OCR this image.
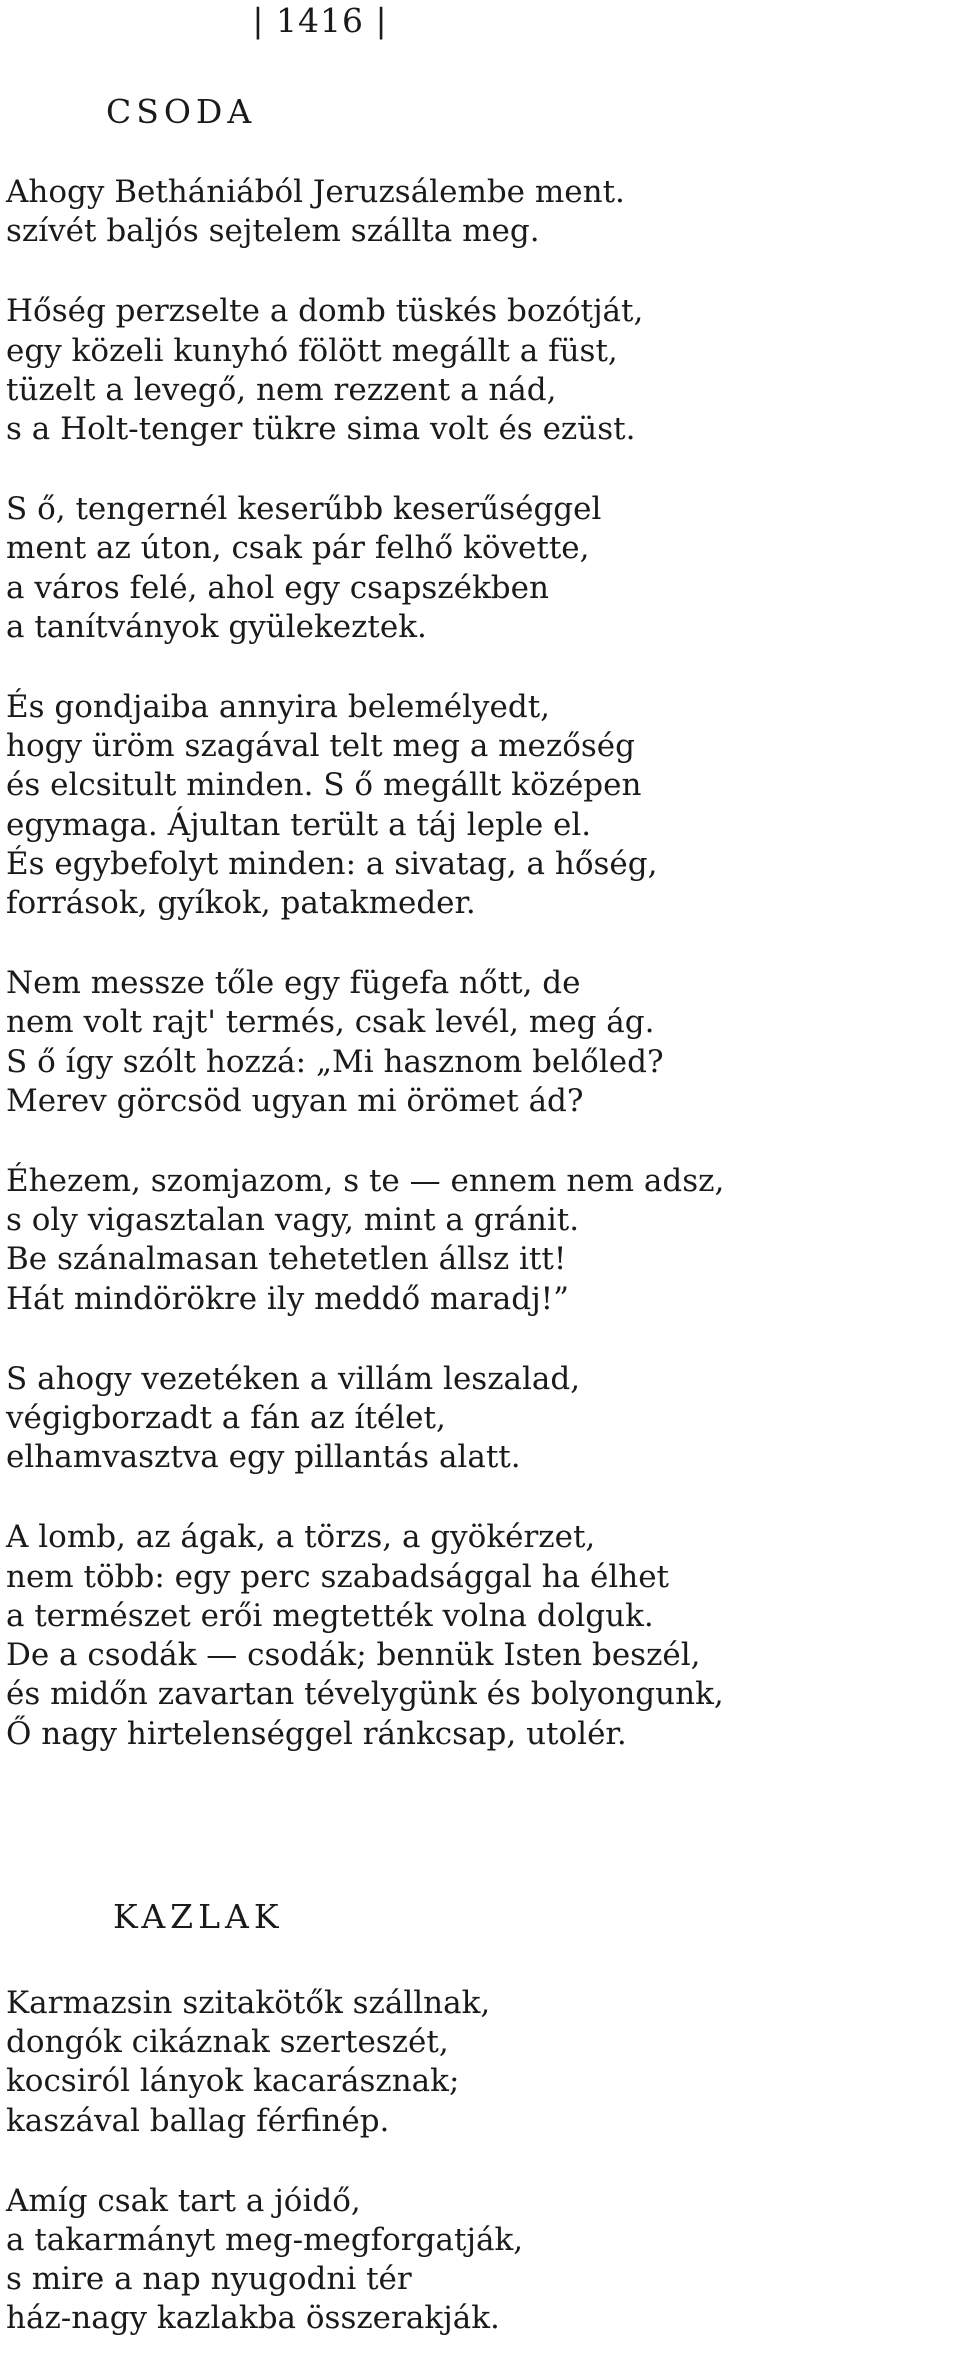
| 1416 |
CSODA
Ahogy Bethániából Jeruzsálembe ment.
szívét baljós sejtelem szállta meg.
Hőség perzselte a domb tüskés bozótját,
egy közeli kunyhó fölött megállt a füst,
tüzelt a levegő, nem rezzent a nád,
s a Holt-tenger tükre sima volt és ezüst.
S ő, tengernél keserűbb keserűséggel
ment az úton, csak pár felhő követte,
a város felé, ahol egy csapszékben
a tanítványok gyülekeztek.
És gondjaiba annyira belemélyedt,
hogy üröm szagával telt meg a mezőség
és elcsitult minden. S ő megállt középen
egymaga. Ájultan terült a táj leple el.
És egybefolyt minden: a sivatag, a hőség,
források, gyíkok, patakmeder.
Nem messze tőle egy fügefa nőtt, de
nem volt rajt' termés, csak levél, meg ág.
S ő így szólt hozzá: „Mi hasznom belőled?
Merev görcsöd ugyan mi örömet ád?
Éhezem, szomjazom, s te — ennem nem adsz,
s oly vigasztalan vagy, mint a gránit.
Be szánalmasan tehetetlen állsz itt!
Hát mindörökre ily meddő maradj!”
S ahogy vezetéken a villám leszalad,
végigborzadt a fán az ítélet,
elhamvasztva egy pillantás alatt.
A lomb, az ágak, a törzs, a gyökérzet,
nem több: egy perc szabadsággal ha élhet
a természet erői megtették volna dolguk.
De a csodák — csodák; bennük Isten beszél,
és midőn zavartan tévelygünk és bolyongunk,
Ő nagy hirtelenséggel ránkcsap, utolér.
KAZLAK
Karmazsin szitakötők szállnak,
dongók cikáznak szerteszét,
kocsiról lányok kacarásznak;
kaszával ballag férfinép.
Amíg csak tart a jóidő,
a takarmányt meg-megforgatják,
s mire a nap nyugodni tér
ház-nagy kazlakba összerakják.
